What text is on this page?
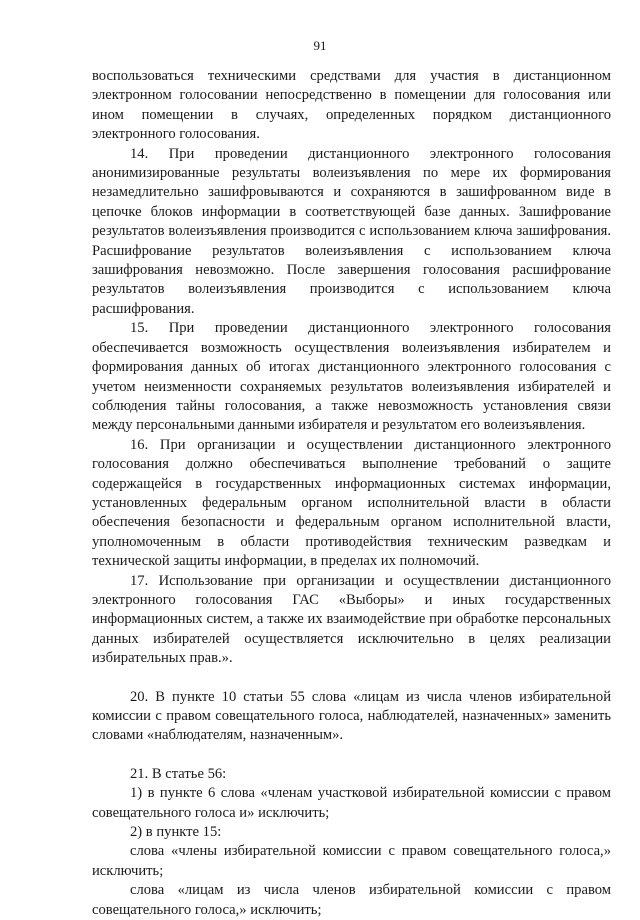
91

воспользоваться техническими средствами для участия в дистанционном электронном голосовании непосредственно в помещении для голосования или ином помещении в случаях, определенных порядком дистанционного электронного голосования.

14. При проведении дистанционного электронного голосования анонимизированные результаты волеизъявления по мере их формирования незамедлительно зашифровываются и сохраняются в зашифрованном виде в цепочке блоков информации в соответствующей базе данных. Зашифрование результатов волеизъявления производится с использованием ключа зашифрования. Расшифрование результатов волеизъявления с использованием ключа зашифрования невозможно. После завершения голосования расшифрование результатов волеизъявления производится с использованием ключа расшифрования.

15. При проведении дистанционного электронного голосования обеспечивается возможность осуществления волеизъявления избирателем и формирования данных об итогах дистанционного электронного голосования с учетом неизменности сохраняемых результатов волеизъявления избирателей и соблюдения тайны голосования, а также невозможность установления связи между персональными данными избирателя и результатом его волеизъявления.

16. При организации и осуществлении дистанционного электронного голосования должно обеспечиваться выполнение требований о защите содержащейся в государственных информационных системах информации, установленных федеральным органом исполнительной власти в области обеспечения безопасности и федеральным органом исполнительной власти, уполномоченным в области противодействия техническим разведкам и технической защиты информации, в пределах их полномочий.

17. Использование при организации и осуществлении дистанционного электронного голосования ГАС «Выборы» и иных государственных информационных систем, а также их взаимодействие при обработке персональных данных избирателей осуществляется исключительно в целях реализации избирательных прав.».

20. В пункте 10 статьи 55 слова «лицам из числа членов избирательной комиссии с правом совещательного голоса, наблюдателей, назначенных» заменить словами «наблюдателям, назначенным».

21. В статье 56:

1) в пункте 6 слова «членам участковой избирательной комиссии с правом совещательного голоса и» исключить;

2) в пункте 15:

слова «члены избирательной комиссии с правом совещательного голоса,» исключить;

слова «лицам из числа членов избирательной комиссии с правом совещательного голоса,» исключить;
